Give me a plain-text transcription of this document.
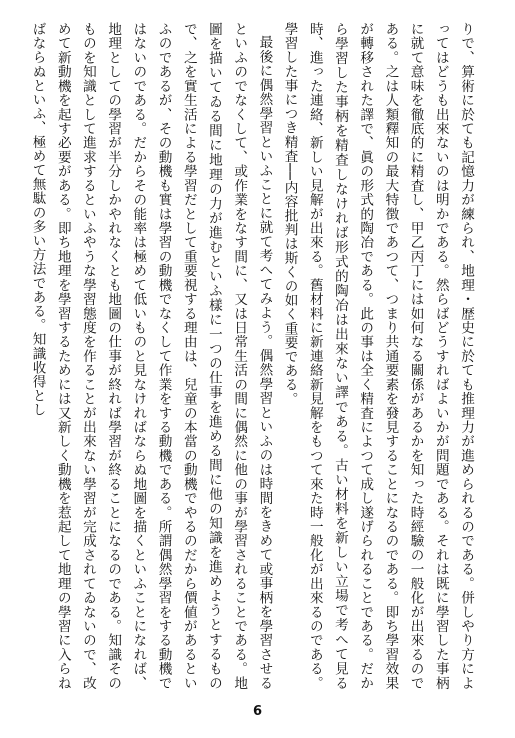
りで、算術に於ても記憶力が練られ、地理・歴史に於ても推理力が進められるのである。併しやり方によってはどうも出來ないのは明かである。然らばどうすればよいかが問題である。それは既に學習した事柄に就て意味を徹底的に精査し、甲乙丙丁には如何なる關係があるかを知った時經驗の一般化が出來るのである。之は人類釋知の最大特徴であつて、つまり共通要素を發見することになるのである。即ち學習效果が轉移された譯で、眞の形式的陶冶である。此の事は全く精査によつて成し遂げられることである。だから學習した事柄を精査しなければ形式的陶冶は出來ない譯である。古い材料を新しい立場で考へて見る時、進った連絡、新しい見解が出來る。舊材料に新連絡新見解をもつて來た時一般化が出來るのである。學習した事につき精査──内容批判は斯くの如く重要である。

最後に偶然學習といふことに就て考へてみよう。偶然學習といふのは時間をきめて或事柄を學習させるといふのでなくして、或作業をなす間に、又は日常生活の間に偶然に他の事が學習されることである。地圖を描いてゐる間に地理の力が進むといふ樣に一つの仕事を進める間に他の知識を進めようとするもので、之を實生活による學習だとして重要視する理由は、兒童の本當の動機でやるのだから價値があるといふのであるが、その動機も實は學習の動機でなくして作業をする動機である。所謂偶然學習をする動機ではないのである。だからその能率は極めて低いものと見なければならぬ地圖を描くといふことになれば、地理としての學習が半分しかやれなくとも地圖の仕事が終れば學習が終ることになるのである。知識そのものを知識として進求するといふやうな學習態度を作ることが出來ない學習が完成されてゐないので、改めて新動機を起す必要がある。即ち地理を學習するためには又新しく動機を惹起して地理の學習に入らねばならぬといふ、極めて無駄の多い方法である。知識收得とし

6
